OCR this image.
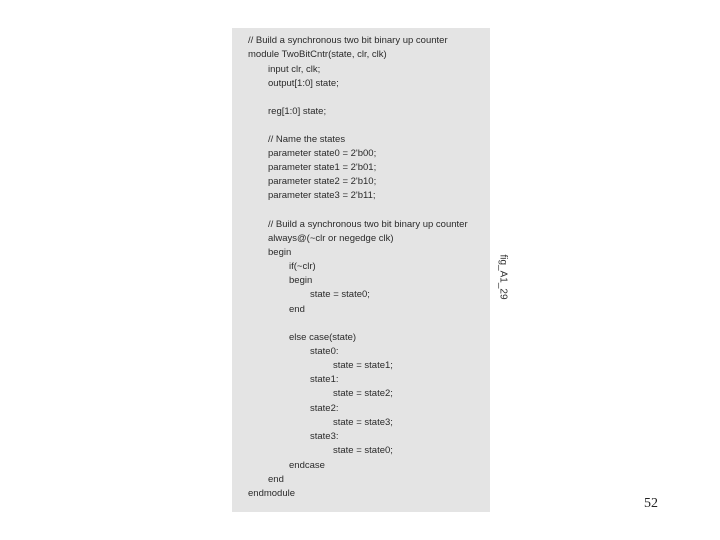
// Build a synchronous two bit binary up counter
module TwoBitCntr(state, clr, clk)
input clr, clk;
output[1:0] state;
reg[1:0] state;
// Name the states
parameter state0 = 2'b00;
parameter state1 = 2'b01;
parameter state2 = 2'b10;
parameter state3 = 2'b11;
// Build a synchronous two bit binary up counter
always@(~clr or negedge clk)
begin
if(~clr)
begin
state = state0;
end
else case(state)
state0:
state = state1;
state1:
state = state2;
state2:
state = state3;
state3:
state = state0;
endcase
end
endmodule
fig_A1_29
52
